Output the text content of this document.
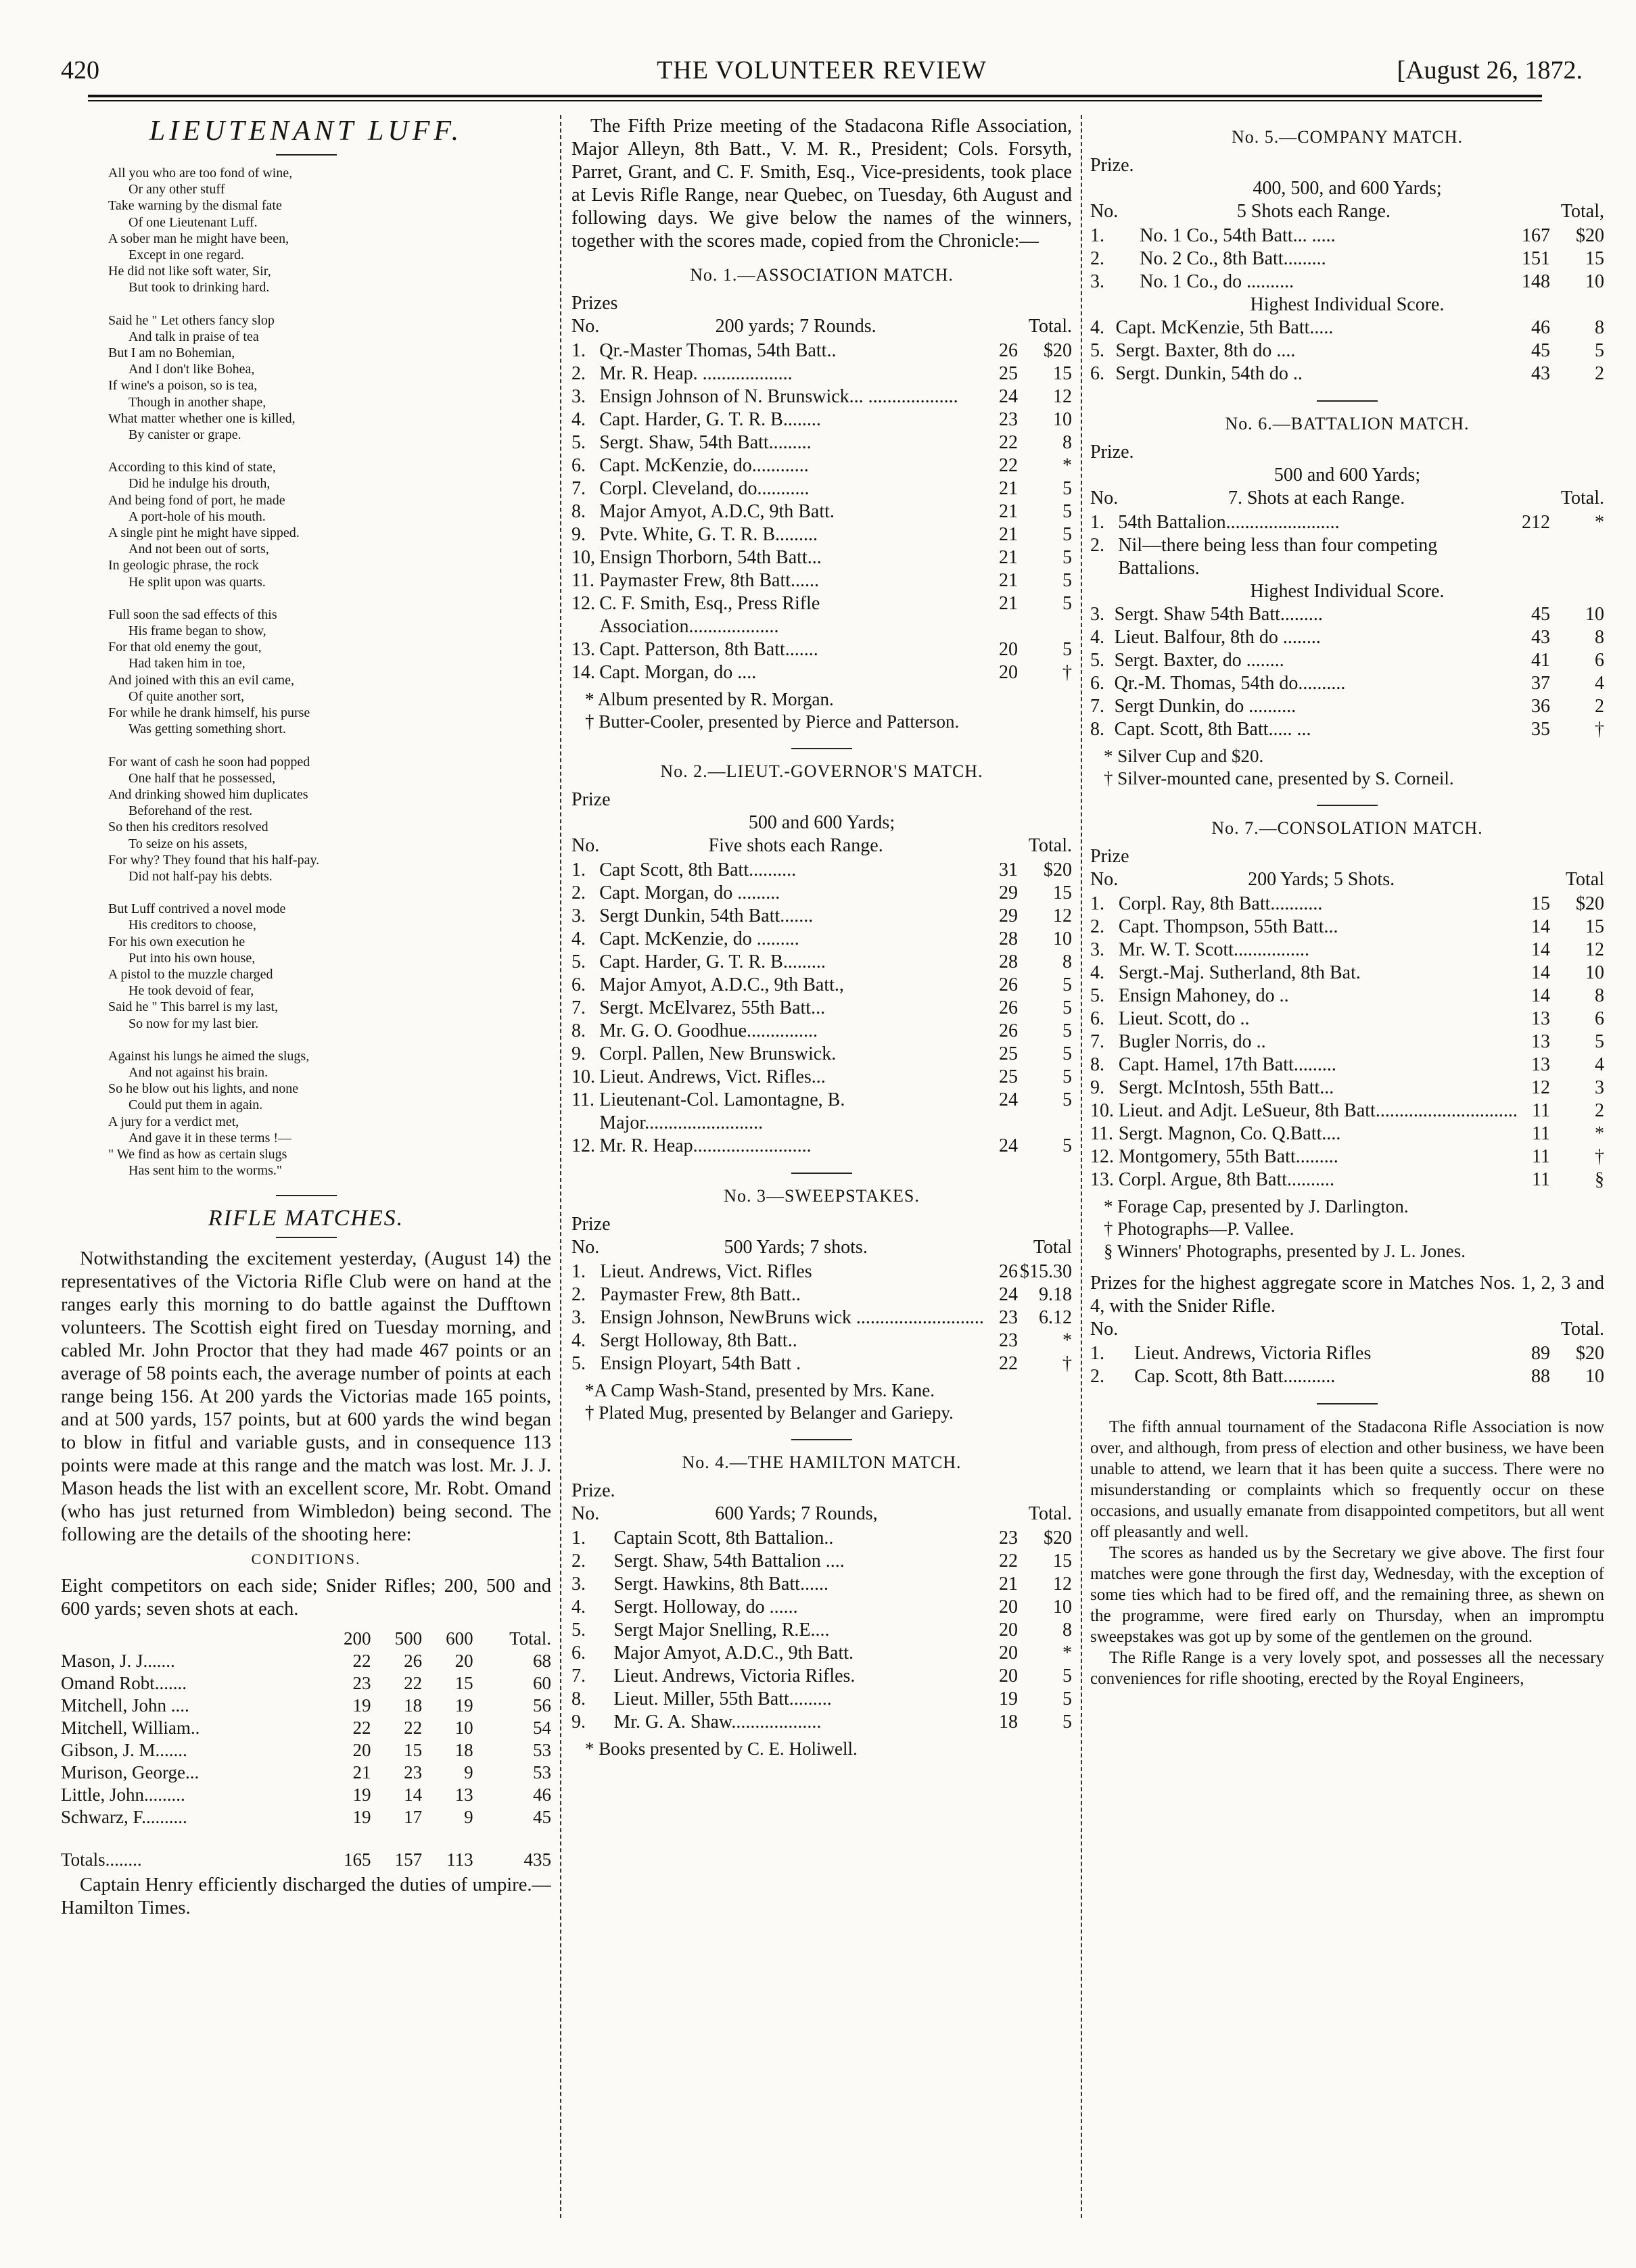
420	THE VOLUNTEER REVIEW	[August 26, 1872.
LIEUTENANT LUFF.
All you who are too fond of wine,
Or any other stuff
Take warning by the dismal fate
Of one Lieutenant Luff.
A sober man he might have been,
Except in one regard.
He did not like soft water, Sir,
But took to drinking hard.
Said he " Let others fancy slop
And talk in praise of tea
But I am no Bohemian,
And I don't like Bohea,
If wine's a poison, so is tea,
Though in another shape,
What matter whether one is killed,
By canister or grape.
According to this kind of state,
Did he indulge his drouth,
And being fond of port, he made
A port-hole of his mouth.
A single pint he might have sipped.
And not been out of sorts,
In geologic phrase, the rock
He split upon was quarts.
Full soon the sad effects of this
His frame began to show,
For that old enemy the gout,
Had taken him in toe,
And joined with this an evil came,
Of quite another sort,
For while he drank himself, his purse
Was getting something short.
For want of cash he soon had popped
One half that he possessed,
And drinking showed him duplicates
Beforehand of the rest.
So then his creditors resolved
To seize on his assets,
For why? They found that his half-pay.
Did not half-pay his debts.
But Luff contrived a novel mode
His creditors to choose,
For his own execution he
Put into his own house,
A pistol to the muzzle charged
He took devoid of fear,
Said he " This barrel is my last,
So now for my last bier.
Against his lungs he aimed the slugs,
And not against his brain.
So he blow out his lights, and none
Could put them in again.
A jury for a verdict met,
And gave it in these terms !—
" We find as how as certain slugs
Has sent him to the worms."
RIFLE MATCHES.

Notwithstanding the excitement yesterday, (August 14) the representatives of the Victoria Rifle Club were on hand at the ranges early this morning to do battle against the Dufftown volunteers. The Scottish eight fired on Tuesday morning, and cabled Mr. John Proctor that they had made 467 points or an average of 58 points each, the average number of points at each range being 156. At 200 yards the Victorias made 165 points, and at 500 yards, 157 points, but at 600 yards the wind began to blow in fitful and variable gusts, and in consequence 113 points were made at this range and the match was lost. Mr. J. J. Mason heads the list with an excellent score, Mr. Robt. Omand (who has just returned from Wimbledon) being second. The following are the details of the shooting here:

CONDITIONS.

Eight competitors on each side; Snider Rifles; 200, 500 and 600 yards; seven shots at each.

	200	500	600	Total.
Mason, J. J.......	22	26	20	68
Omand Robt.......	23	22	15	60
Mitchell, John ....	19	18	19	56
Mitchell, William..	22	22	10	54
Gibson, J. M.......	20	15	18	53
Murison, George...	21	23	9	53
Little, John.........	19	14	13	46
Schwarz, F..........	19	17	9	45
Totals........	165	157	113	435

Captain Henry efficiently discharged the duties of umpire.—Hamilton Times.

The Fifth Prize meeting of the Stadacona Rifle Association, Major Alleyn, 8th Batt., V. M. R., President; Cols. Forsyth, Parret, Grant, and C. F. Smith, Esq., Vice-presidents, took place at Levis Rifle Range, near Quebec, on Tuesday, 6th August and following days. We give below the names of the winners, together with the scores made, copied from the Chronicle:—

No. 1.—ASSOCIATION MATCH.
Prizes
No.	200 yards; 7 Rounds.	Total.	
1.	Qr.-Master Thomas, 54th Batt..	26	$20
2.	Mr. R. Heap. ...................	25	15
3.	Ensign Johnson of N. Brunswick... ...................	24	12
4.	Capt. Harder, G. T. R. B........	23	10
5.	Sergt. Shaw, 54th Batt.........	22	8
6.	Capt. McKenzie, do............	22	*
7.	Corpl. Cleveland, do...........	21	5
8.	Major Amyot, A.D.C, 9th Batt.	21	5
9.	Pvte. White, G. T. R. B.........	21	5
10,	Ensign Thorborn, 54th Batt...	21	5
11.	Paymaster Frew, 8th Batt......	21	5
12.	C. F. Smith, Esq., Press Rifle Association...................	21	5
13.	Capt. Patterson, 8th Batt.......	20	5
14.	Capt. Morgan, do ....	20	†
* Album presented by R. Morgan.
† Butter-Cooler, presented by Pierce and Patterson.
No. 2.—LIEUT.-GOVERNOR'S MATCH.
Prize
500 and 600 Yards;
No.	Five shots each Range.	Total.	
1.	Capt Scott, 8th Batt..........	31	$20
2.	Capt. Morgan, do .........	29	15
3.	Sergt Dunkin, 54th Batt.......	29	12
4.	Capt. McKenzie, do .........	28	10
5.	Capt. Harder, G. T. R. B.........	28	8
6.	Major Amyot, A.D.C., 9th Batt.,	26	5
7.	Sergt. McElvarez, 55th Batt...	26	5
8.	Mr. G. O. Goodhue...............	26	5
9.	Corpl. Pallen, New Brunswick.	25	5
10.	Lieut. Andrews, Vict. Rifles...	25	5
11.	Lieutenant-Col. Lamontagne, B. Major.........................	24	5
12.	Mr. R. Heap.........................	24	5
No. 3—SWEEPSTAKES.
Prize
No.	500 Yards; 7 shots.	Total	
1.	Lieut. Andrews, Vict. Rifles	26	$15.30
2.	Paymaster Frew, 8th Batt..	24	9.18
3.	Ensign Johnson, NewBruns wick ...........................	23	6.12
4.	Sergt Holloway, 8th Batt..	23	*
5.	Ensign Ployart, 54th Batt .	22	†
*A Camp Wash-Stand, presented by Mrs. Kane.
† Plated Mug, presented by Belanger and Gariepy.
No. 4.—THE HAMILTON MATCH.
Prize.
No.	600 Yards; 7 Rounds,	Total.	
1.	Captain Scott, 8th Battalion..	23	$20
2.	Sergt. Shaw, 54th Battalion ....	22	15
3.	Sergt. Hawkins, 8th Batt......	21	12
4.	Sergt. Holloway, do ......	20	10
5.	Sergt Major Snelling, R.E....	20	8
6.	Major Amyot, A.D.C., 9th Batt.	20	*
7.	Lieut. Andrews, Victoria Rifles.	20	5
8.	Lieut. Miller, 55th Batt.........	19	5
9.	Mr. G. A. Shaw...................	18	5
* Books presented by C. E. Holiwell.
No. 5.—COMPANY MATCH.
Prize.
400, 500, and 600 Yards;
No.	5 Shots each Range.	Total,	
1.	No. 1 Co., 54th Batt... .....	167	$20
2.	No. 2 Co., 8th Batt.........	151	15
3.	No. 1 Co., do ..........	148	10
Highest Individual Score.
4.	Capt. McKenzie, 5th Batt.....	46	8
5.	Sergt. Baxter, 8th do ....	45	5
6.	Sergt. Dunkin, 54th do ..	43	2
No. 6.—BATTALION MATCH.
Prize.
500 and 600 Yards;
No.	7. Shots at each Range.	Total.	
1.	54th Battalion........................	212	*
2.	Nil—there being less than four competing Battalions.		
Highest Individual Score.
3.	Sergt. Shaw 54th Batt.........	45	10
4.	Lieut. Balfour, 8th do ........	43	8
5.	Sergt. Baxter, do ........	41	6
6.	Qr.-M. Thomas, 54th do..........	37	4
7.	Sergt Dunkin, do ..........	36	2
8.	Capt. Scott, 8th Batt..... ...	35	†
* Silver Cup and $20.
† Silver-mounted cane, presented by S. Corneil.
No. 7.—CONSOLATION MATCH.
Prize
No.	200 Yards; 5 Shots.	Total	
1.	Corpl. Ray, 8th Batt...........	15	$20
2.	Capt. Thompson, 55th Batt...	14	15
3.	Mr. W. T. Scott................	14	12
4.	Sergt.-Maj. Sutherland, 8th Bat.	14	10
5.	Ensign Mahoney, do ..	14	8
6.	Lieut. Scott, do ..	13	6
7.	Bugler Norris, do ..	13	5
8.	Capt. Hamel, 17th Batt.........	13	4
9.	Sergt. McIntosh, 55th Batt...	12	3
10.	Lieut. and Adjt. LeSueur, 8th Batt..............................	11	2
11.	Sergt. Magnon, Co. Q.Batt....	11	*
12.	Montgomery, 55th Batt.........	11	†
13.	Corpl. Argue, 8th Batt..........	11	§
* Forage Cap, presented by J. Darlington.
† Photographs—P. Vallee.
§ Winners' Photographs, presented by J. L. Jones.

Prizes for the highest aggregate score in Matches Nos. 1, 2, 3 and 4, with the Snider Rifle.

No.		Total.	
1.	Lieut. Andrews, Victoria Rifles	89	$20
2.	Cap. Scott, 8th Batt...........	88	10

The fifth annual tournament of the Stadacona Rifle Association is now over, and although, from press of election and other business, we have been unable to attend, we learn that it has been quite a success. There were no misunderstanding or complaints which so frequently occur on these occasions, and usually emanate from disappointed competitors, but all went off pleasantly and well.

The scores as handed us by the Secretary we give above. The first four matches were gone through the first day, Wednesday, with the exception of some ties which had to be fired off, and the remaining three, as shewn on the programme, were fired early on Thursday, when an impromptu sweepstakes was got up by some of the gentlemen on the ground.

The Rifle Range is a very lovely spot, and possesses all the necessary conveniences for rifle shooting, erected by the Royal Engineers,
